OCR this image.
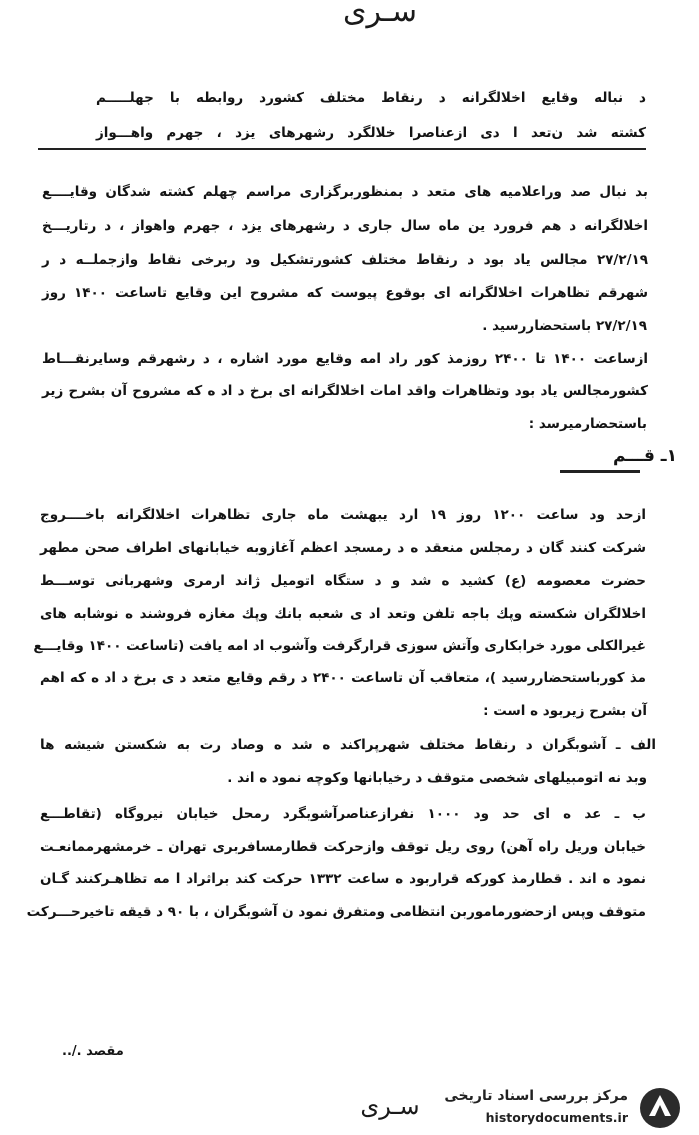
سـرى
د نباله وقايع اخلالگرانه د رنقاط مختلف كشورد روابطه با جهلـــــم
كشته شد ن‌تعد ا دى ازعناصرا خلالگرد رشهرهاى يزد ، جهرم واهـــواز
بد نبال صد وراعلاميه هاى متعد د بمنظوربرگزارى مراسم چهلم كشته شدگان وقايــــع
اخلالگرانه د هم فرورد ين ماه سال جارى د رشهرهاى يزد ، جهرم واهواز ، د رتاريـــخ
۲۷/۲/۱۹ مجالس ياد بود د رنقاط مختلف كشورتشكيل ود ربرخى نقاط وازجملــه د ر
شهرقم تظاهرات اخلالگرانه اى بوقوع پيوست كه مشروح اين وقايع تاساعت ۱۴۰۰ روز
۲۷/۲/۱۹ باستحضاررسيد .
ازساعت ۱۴۰۰ تا ۲۴۰۰ روزمذ كور راد امه وقايع مورد اشاره ، د رشهرقم وسايرنقـــاط
كشورمجالس ياد بود وتظاهرات واقد امات اخلالگرانه اى برخ د اد ه كه مشروح آن بشرح زير
باستحضارميرسد :
١ـ قـــم
ازحد ود ساعت ۱۲۰۰ روز ۱۹ ارد يبهشت ماه جارى تظاهرات اخلالگرانه باخــــروج
شركت كنند گان د رمجلس منعقد ه د رمسجد اعظم آغازوبه خيابانهاى اطراف صحن مطهر
حضرت معصومه (ع) كشيد ه شد و د ستگاه اتوميل ژاند ارمرى وشهربانى توســـط
اخلالگران شكسته وپك باجه تلفن وتعد اد ى شعبه بانك وپك مغازه فروشند ه نوشابه هاى
غيرالكلى مورد خرابكارى وآتش سوزى قرارگرفت وآشوب اد امه يافت (تاساعت ۱۴۰۰ وقايـــع
مذ كورباستحضاررسيد )، متعاقب آن تاساعت ۲۴۰۰ د رقم وقايع متعد د ى برخ د اد ه كه اهم
آن بشرح زيربود ه است :
الف ـ آشوبگران د رنقاط مختلف شهرپراكند ه شد ه وصاد رت به شكستن شيشه ها
وبد نه اتومبيلهاى شخصى متوقف د رخيابانها وكوچه نمود ه اند .
ب ـ عد ه اى حد ود ۱۰۰۰ نفرازعناصرآشوبگرد رمحل خيابان نيروگاه (تقاطـــع
خيابان وريل راه آهن) روى ريل توقف وازحركت قطارمسافربرى تهران ـ خرمشهرممانعـت
نمود ه اند . قطارمذ كوركه قراربود ه ساعت ۱۳۳۲ حركت كند براثراد ا مه تظاهـركنند گـان
متوقف وپس ازحضورماموربن انتظامى ومتفرق نمود ن آشوبگران ، با ۹۰ د قيقه تاخيرحـــركت
مقصد ./..
سـرى	مركز بررسى اسناد تاريخى
historydocuments.ir
